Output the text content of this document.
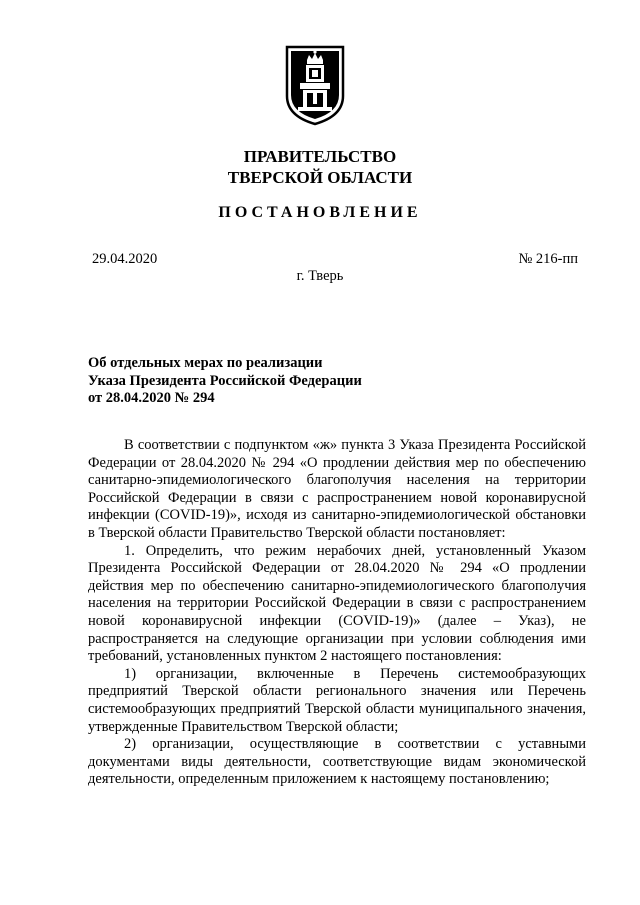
ПРАВИТЕЛЬСТВО
ТВЕРСКОЙ ОБЛАСТИ
ПОСТАНОВЛЕНИЕ
29.04.2020	№ 216-пп
г. Тверь
Об отдельных мерах по реализации
Указа Президента Российской Федерации
от 28.04.2020 № 294

В соответствии с подпунктом «ж» пункта 3 Указа Президента Российской Федерации от 28.04.2020 № 294 «О продлении действия мер по обеспечению санитарно-эпидемиологического благополучия населения на территории Российской Федерации в связи с распространением новой коронавирусной инфекции (COVID-19)», исходя из санитарно-эпидемиологической обстановки в Тверской области Правительство Тверской области постановляет:

1. Определить, что режим нерабочих дней, установленный Указом Президента Российской Федерации от 28.04.2020 № 294 «О продлении действия мер по обеспечению санитарно-эпидемиологического благополучия населения на территории Российской Федерации в связи с распространением новой коронавирусной инфекции (COVID-19)» (далее – Указ), не распространяется на следующие организации при условии соблюдения ими требований, установленных пунктом 2 настоящего постановления:

1) организации, включенные в Перечень системообразующих предприятий Тверской области регионального значения или Перечень системообразующих предприятий Тверской области муниципального значения, утвержденные Правительством Тверской области;

2) организации, осуществляющие в соответствии с уставными документами виды деятельности, соответствующие видам экономической деятельности, определенным приложением к настоящему постановлению;
